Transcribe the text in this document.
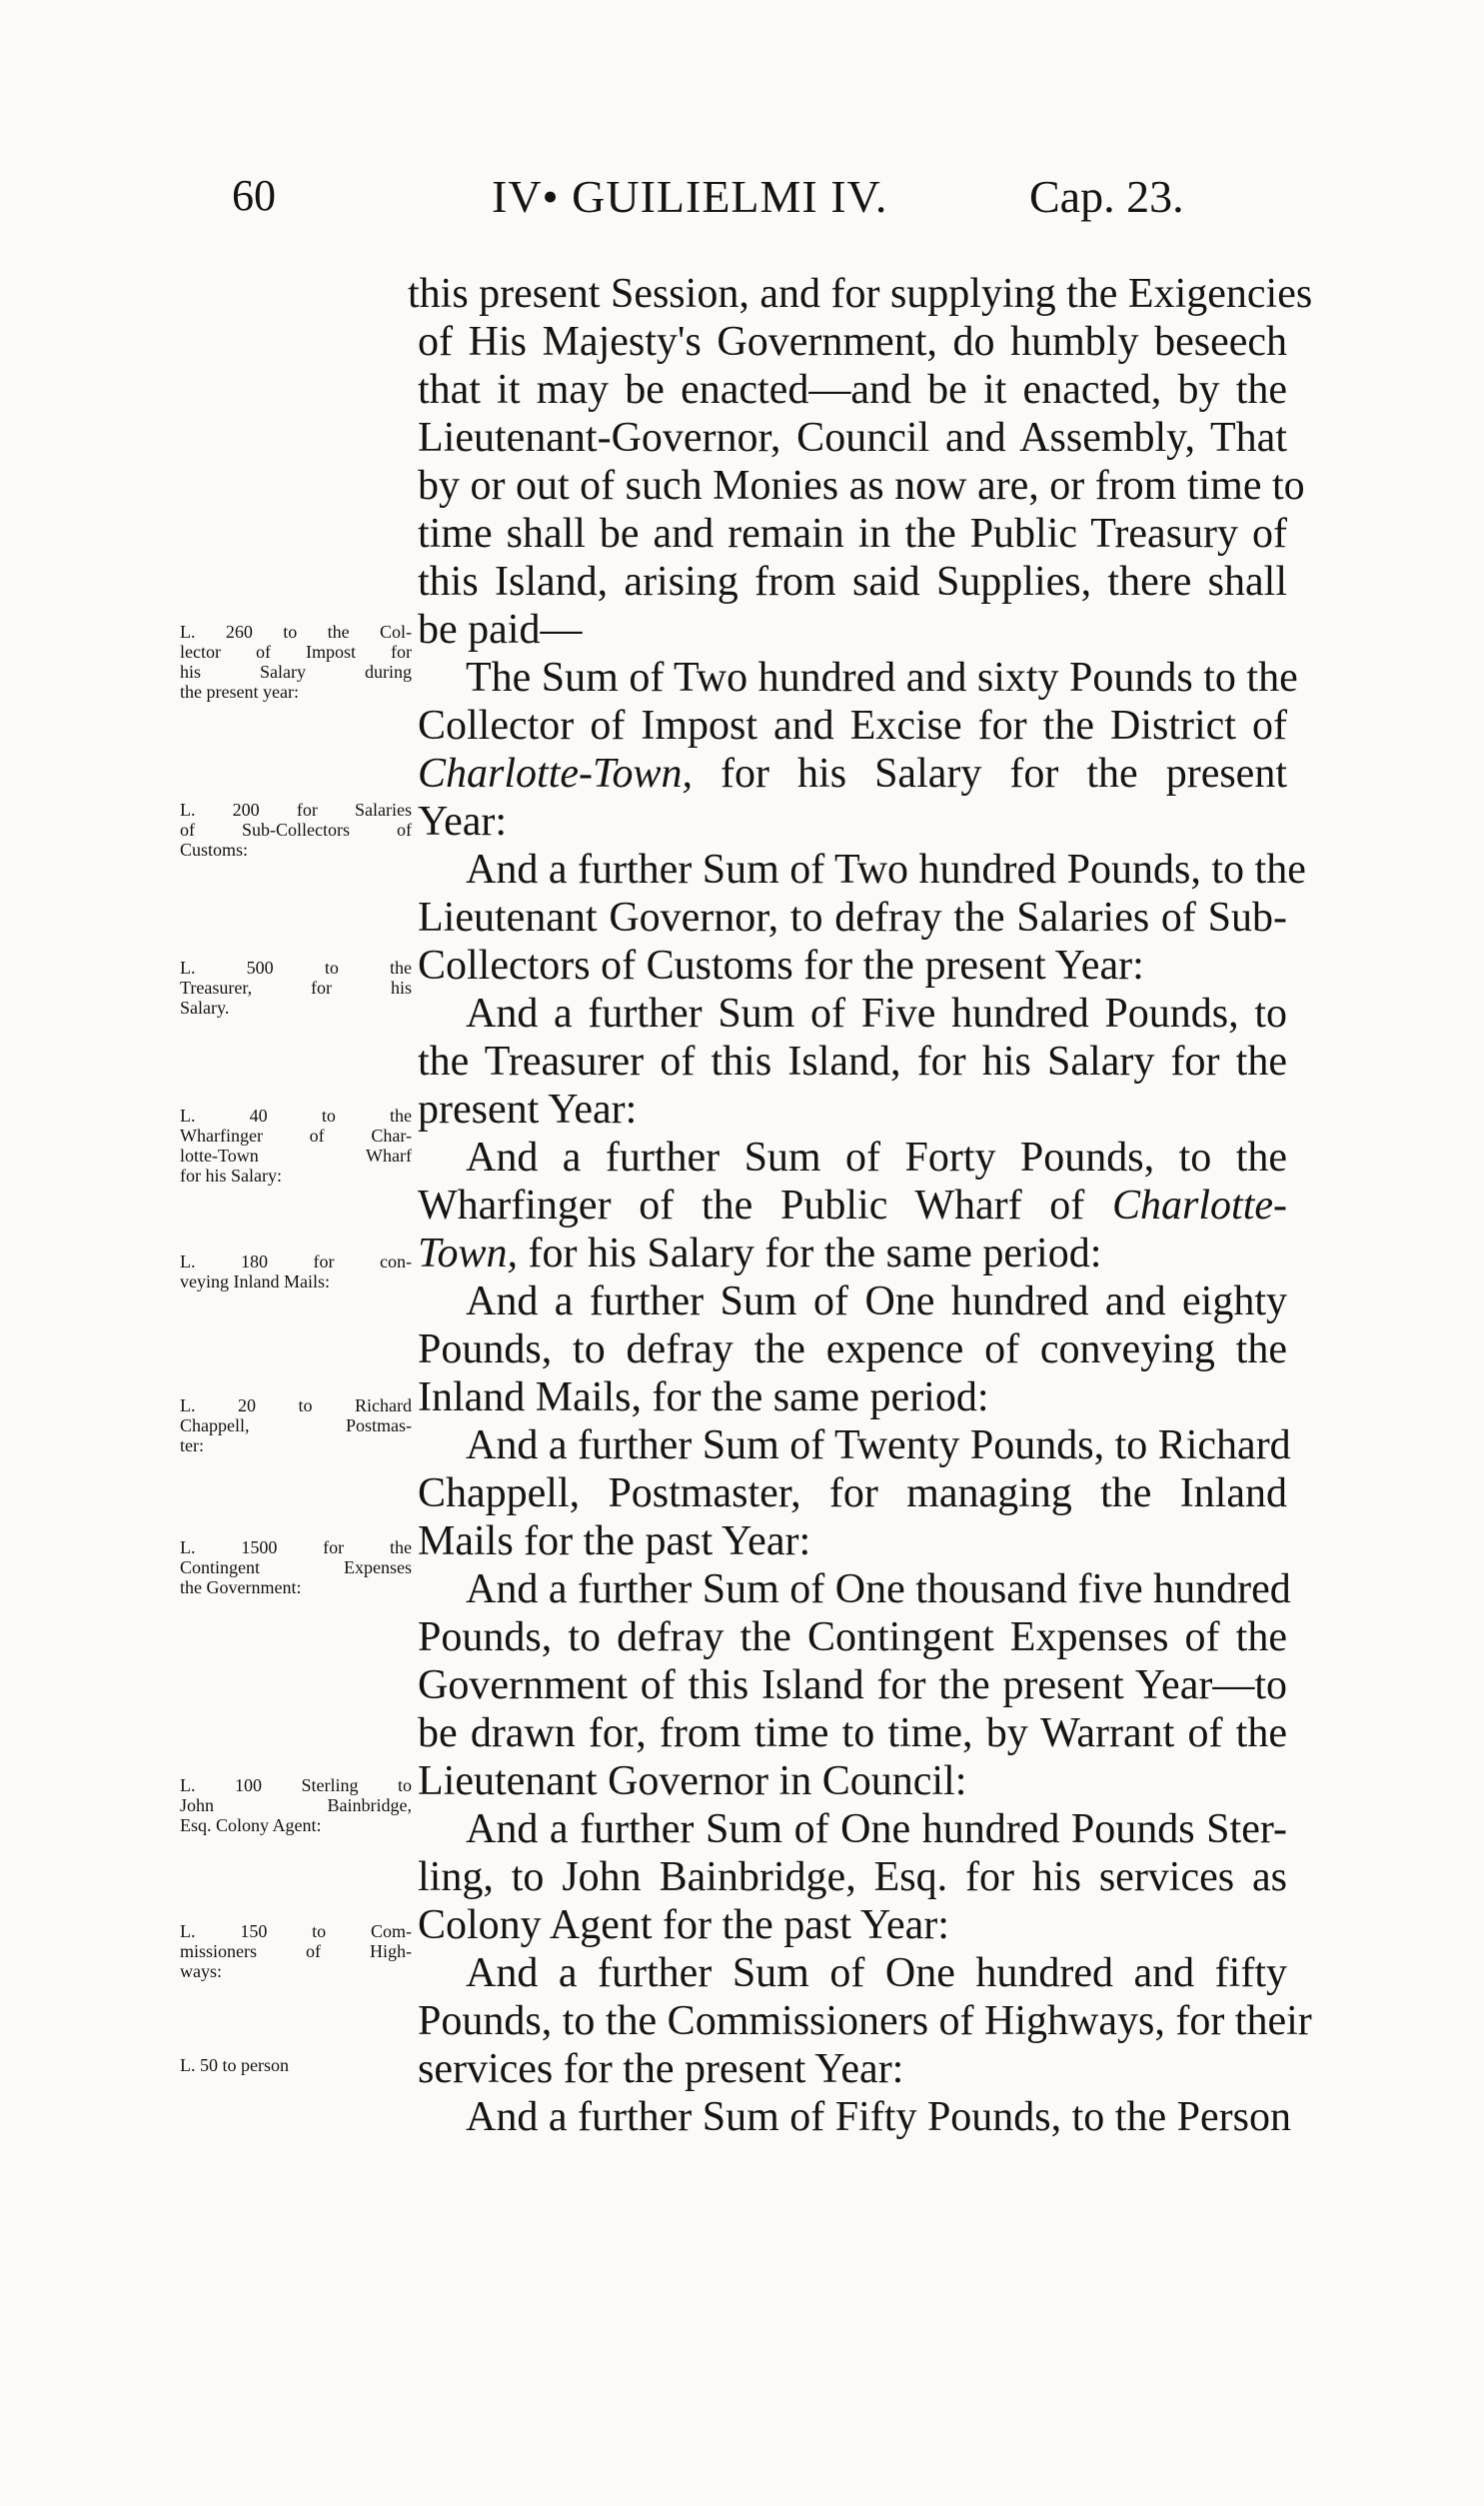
60	IV• GUILIELMI IV.	Cap. 23.
this present Session, and for supplying the Exigencies
of His Majesty's Government, do humbly beseech
that it may be enacted—and be it enacted, by the
Lieutenant-Governor, Council and Assembly, That
by or out of such Monies as now are, or from time to
time shall be and remain in the Public Treasury of
this Island, arising from said Supplies, there shall
be paid—
The Sum of Two hundred and sixty Pounds to the
Collector of Impost and Excise for the District of
Charlotte-Town, for his Salary for the present
Year:
And a further Sum of Two hundred Pounds, to the
Lieutenant Governor, to defray the Salaries of Sub-
Collectors of Customs for the present Year:
And a further Sum of Five hundred Pounds, to
the Treasurer of this Island, for his Salary for the
present Year:
And a further Sum of Forty Pounds, to the
Wharfinger of the Public Wharf of Charlotte-
Town, for his Salary for the same period:
And a further Sum of One hundred and eighty
Pounds, to defray the expence of conveying the
Inland Mails, for the same period:
And a further Sum of Twenty Pounds, to Richard
Chappell, Postmaster, for managing the Inland
Mails for the past Year:
And a further Sum of One thousand five hundred
Pounds, to defray the Contingent Expenses of the
Government of this Island for the present Year—to
be drawn for, from time to time, by Warrant of the
Lieutenant Governor in Council:
And a further Sum of One hundred Pounds Ster-
ling, to John Bainbridge, Esq. for his services as
Colony Agent for the past Year:
And a further Sum of One hundred and fifty
Pounds, to the Commissioners of Highways, for their
services for the present Year:
And a further Sum of Fifty Pounds, to the Person
L. 260 to the Col-
lector of Impost for
his Salary during
the present year:
L. 200 for Salaries
of Sub-Collectors of
Customs:
L. 500 to the
Treasurer, for his
Salary.
L. 40 to the
Wharfinger of Char-
lotte-Town Wharf
for his Salary:
L. 180 for con-
veying Inland Mails:
L. 20 to Richard
Chappell, Postmas-
ter:
L. 1500 for the
Contingent Expenses
the Government:
L. 100 Sterling to
John Bainbridge,
Esq. Colony Agent:
L. 150 to Com-
missioners of High-
ways:
L. 50 to person
